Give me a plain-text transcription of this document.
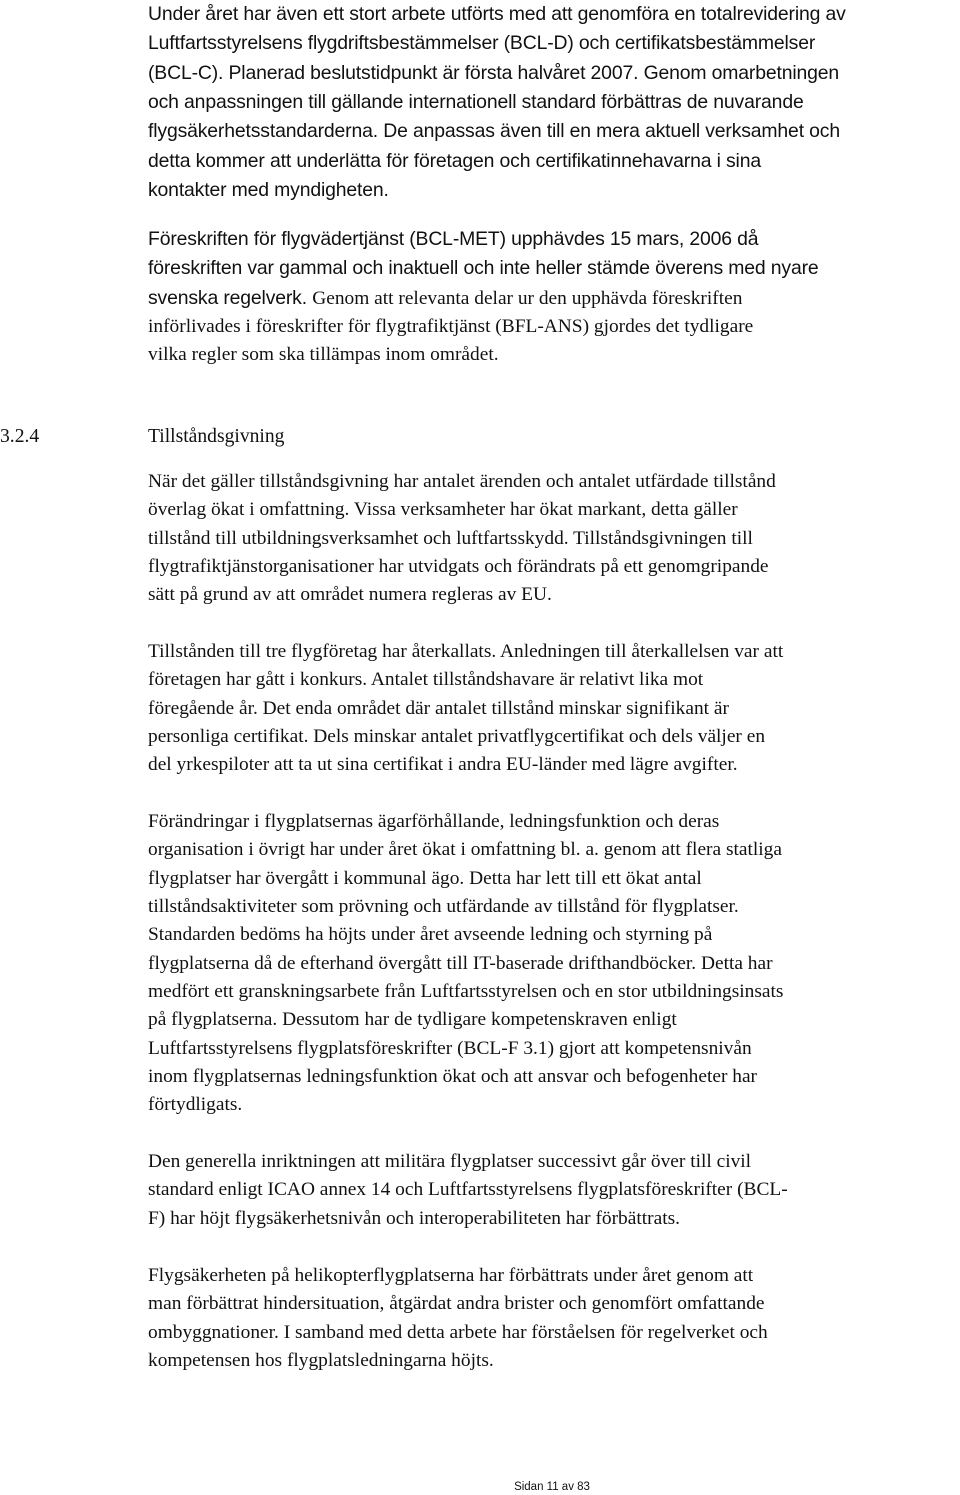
Under året har även ett stort arbete utförts med att genomföra en totalrevidering av
Luftfartsstyrelsens flygdriftsbestämmelser (BCL-D) och certifikatsbestämmelser
(BCL-C). Planerad beslutstidpunkt är första halvåret 2007. Genom omarbetningen
och anpassningen till gällande internationell standard förbättras de nuvarande
flygsäkerhetsstandarderna. De anpassas även till en mera aktuell verksamhet och
detta kommer att underlätta för företagen och certifikatinnehavarna i sina
kontakter med myndigheten.

Föreskriften för flygvädertjänst (BCL-MET) upphävdes 15 mars, 2006 då
föreskriften var gammal och inaktuell och inte heller stämde överens med nyare
svenska regelverk. Genom att relevanta delar ur den upphävda föreskriften
införlivades i föreskrifter för flygtrafiktjänst (BFL-ANS) gjordes det tydligare
vilka regler som ska tillämpas inom området.

3.2.4	Tillståndsgivning

När det gäller tillståndsgivning har antalet ärenden och antalet utfärdade tillstånd
överlag ökat i omfattning. Vissa verksamheter har ökat markant, detta gäller
tillstånd till utbildningsverksamhet och luftfartsskydd. Tillståndsgivningen till
flygtrafiktjänstorganisationer har utvidgats och förändrats på ett genomgripande
sätt på grund av att området numera regleras av EU.

Tillstånden till tre flygföretag har återkallats. Anledningen till återkallelsen var att
företagen har gått i konkurs. Antalet tillståndshavare är relativt lika mot
föregående år. Det enda området där antalet tillstånd minskar signifikant är
personliga certifikat. Dels minskar antalet privatflygcertifikat och dels väljer en
del yrkespiloter att ta ut sina certifikat i andra EU-länder med lägre avgifter.

Förändringar i flygplatsernas ägarförhållande, ledningsfunktion och deras
organisation i övrigt har under året ökat i omfattning bl. a. genom att flera statliga
flygplatser har övergått i kommunal ägo. Detta har lett till ett ökat antal
tillståndsaktiviteter som prövning och utfärdande av tillstånd för flygplatser.
Standarden bedöms ha höjts under året avseende ledning och styrning på
flygplatserna då de efterhand övergått till IT-baserade drifthandböcker. Detta har
medfört ett granskningsarbete från Luftfartsstyrelsen och en stor utbildningsinsats
på flygplatserna. Dessutom har de tydligare kompetenskraven enligt
Luftfartsstyrelsens flygplatsföreskrifter (BCL-F 3.1) gjort att kompetensnivån
inom flygplatsernas ledningsfunktion ökat och att ansvar och befogenheter har
förtydligats.

Den generella inriktningen att militära flygplatser successivt går över till civil
standard enligt ICAO annex 14 och Luftfartsstyrelsens flygplatsföreskrifter (BCL-
F) har höjt flygsäkerhetsnivån och interoperabiliteten har förbättrats.

Flygsäkerheten på helikopterflygplatserna har förbättrats under året genom att
man förbättrat hindersituation, åtgärdat andra brister och genomfört omfattande
ombyggnationer. I samband med detta arbete har förståelsen för regelverket och
kompetensen hos flygplatsledningarna höjts.

Sidan 11 av 83
